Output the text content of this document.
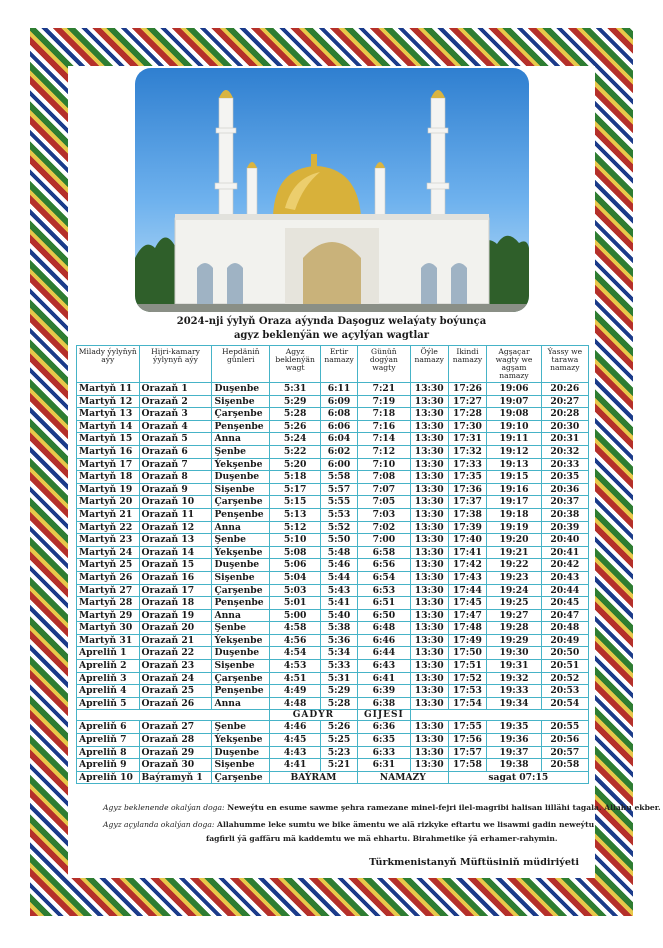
2024-nji ýylyň Oraza aýynda Daşoguz welaýaty boýunça
agyz beklenýän we açylýan wagtlar
Milady ýylyňyň aýy	Hijri-kamary ýylynyň aýy	Hepdäniň günleri	Agyz beklenýän wagt	Ertir namazy	Günüň dogýan wagty	Öýle namazy	Ikindi namazy	Agşaçar wagty we agşam namazy	Ýassy we tarawa namazy
Martyň 11	Orazaň 1	Duşenbe	5:31	6:11	7:21	13:30	17:26	19:06	20:26
Martyň 12	Orazaň 2	Sişenbe	5:29	6:09	7:19	13:30	17:27	19:07	20:27
Martyň 13	Orazaň 3	Çarşenbe	5:28	6:08	7:18	13:30	17:28	19:08	20:28
Martyň 14	Orazaň 4	Penşenbe	5:26	6:06	7:16	13:30	17:30	19:10	20:30
Martyň 15	Orazaň 5	Anna	5:24	6:04	7:14	13:30	17:31	19:11	20:31
Martyň 16	Orazaň 6	Şenbe	5:22	6:02	7:12	13:30	17:32	19:12	20:32
Martyň 17	Orazaň 7	Ýekşenbe	5:20	6:00	7:10	13:30	17:33	19:13	20:33
Martyň 18	Orazaň 8	Duşenbe	5:18	5:58	7:08	13:30	17:35	19:15	20:35
Martyň 19	Orazaň 9	Sişenbe	5:17	5:57	7:07	13:30	17:36	19:16	20:36
Martyň 20	Orazaň 10	Çarşenbe	5:15	5:55	7:05	13:30	17:37	19:17	20:37
Martyň 21	Orazaň 11	Penşenbe	5:13	5:53	7:03	13:30	17:38	19:18	20:38
Martyň 22	Orazaň 12	Anna	5:12	5:52	7:02	13:30	17:39	19:19	20:39
Martyň 23	Orazaň 13	Şenbe	5:10	5:50	7:00	13:30	17:40	19:20	20:40
Martyň 24	Orazaň 14	Ýekşenbe	5:08	5:48	6:58	13:30	17:41	19:21	20:41
Martyň 25	Orazaň 15	Duşenbe	5:06	5:46	6:56	13:30	17:42	19:22	20:42
Martyň 26	Orazaň 16	Sişenbe	5:04	5:44	6:54	13:30	17:43	19:23	20:43
Martyň 27	Orazaň 17	Çarşenbe	5:03	5:43	6:53	13:30	17:44	19:24	20:44
Martyň 28	Orazaň 18	Penşenbe	5:01	5:41	6:51	13:30	17:45	19:25	20:45
Martyň 29	Orazaň 19	Anna	5:00	5:40	6:50	13:30	17:47	19:27	20:47
Martyň 30	Orazaň 20	Şenbe	4:58	5:38	6:48	13:30	17:48	19:28	20:48
Martyň 31	Orazaň 21	Ýekşenbe	4:56	5:36	6:46	13:30	17:49	19:29	20:49
Apreliň 1	Orazaň 22	Duşenbe	4:54	5:34	6:44	13:30	17:50	19:30	20:50
Apreliň 2	Orazaň 23	Sişenbe	4:53	5:33	6:43	13:30	17:51	19:31	20:51
Apreliň 3	Orazaň 24	Çarşenbe	4:51	5:31	6:41	13:30	17:52	19:32	20:52
Apreliň 4	Orazaň 25	Penşenbe	4:49	5:29	6:39	13:30	17:53	19:33	20:53
Apreliň 5	Orazaň 26	Anna	4:48	5:28	6:38	13:30	17:54	19:34	20:54
			GADYR		GIJESI				
Apreliň 6	Orazaň 27	Şenbe	4:46	5:26	6:36	13:30	17:55	19:35	20:55
Apreliň 7	Orazaň 28	Ýekşenbe	4:45	5:25	6:35	13:30	17:56	19:36	20:56
Apreliň 8	Orazaň 29	Duşenbe	4:43	5:23	6:33	13:30	17:57	19:37	20:57
Apreliň 9	Orazaň 30	Sişenbe	4:41	5:21	6:31	13:30	17:58	19:38	20:58
Apreliň 10	Baýramyň 1	Çarşenbe	BAÝRAM		NAMAZY		sagat 07:15		
Agyz beklenende okalýan doga: Neweýtu en esume sawme şehra ramezane minel-fejri ilel-magribi halisan lillähi tagala. Allahu ekber.
Agyz açylanda okalýan doga: Allahumme leke sumtu we bike ämentu we alä rizkyke eftartu we lisawmi gadin neweýtu
fagfirli ýä gaffäru mä kaddemtu we mä ehhartu. Birahmetike ýä erhamer-rahymin.
Türkmenistanyň Müftüsiniň müdiriýeti
